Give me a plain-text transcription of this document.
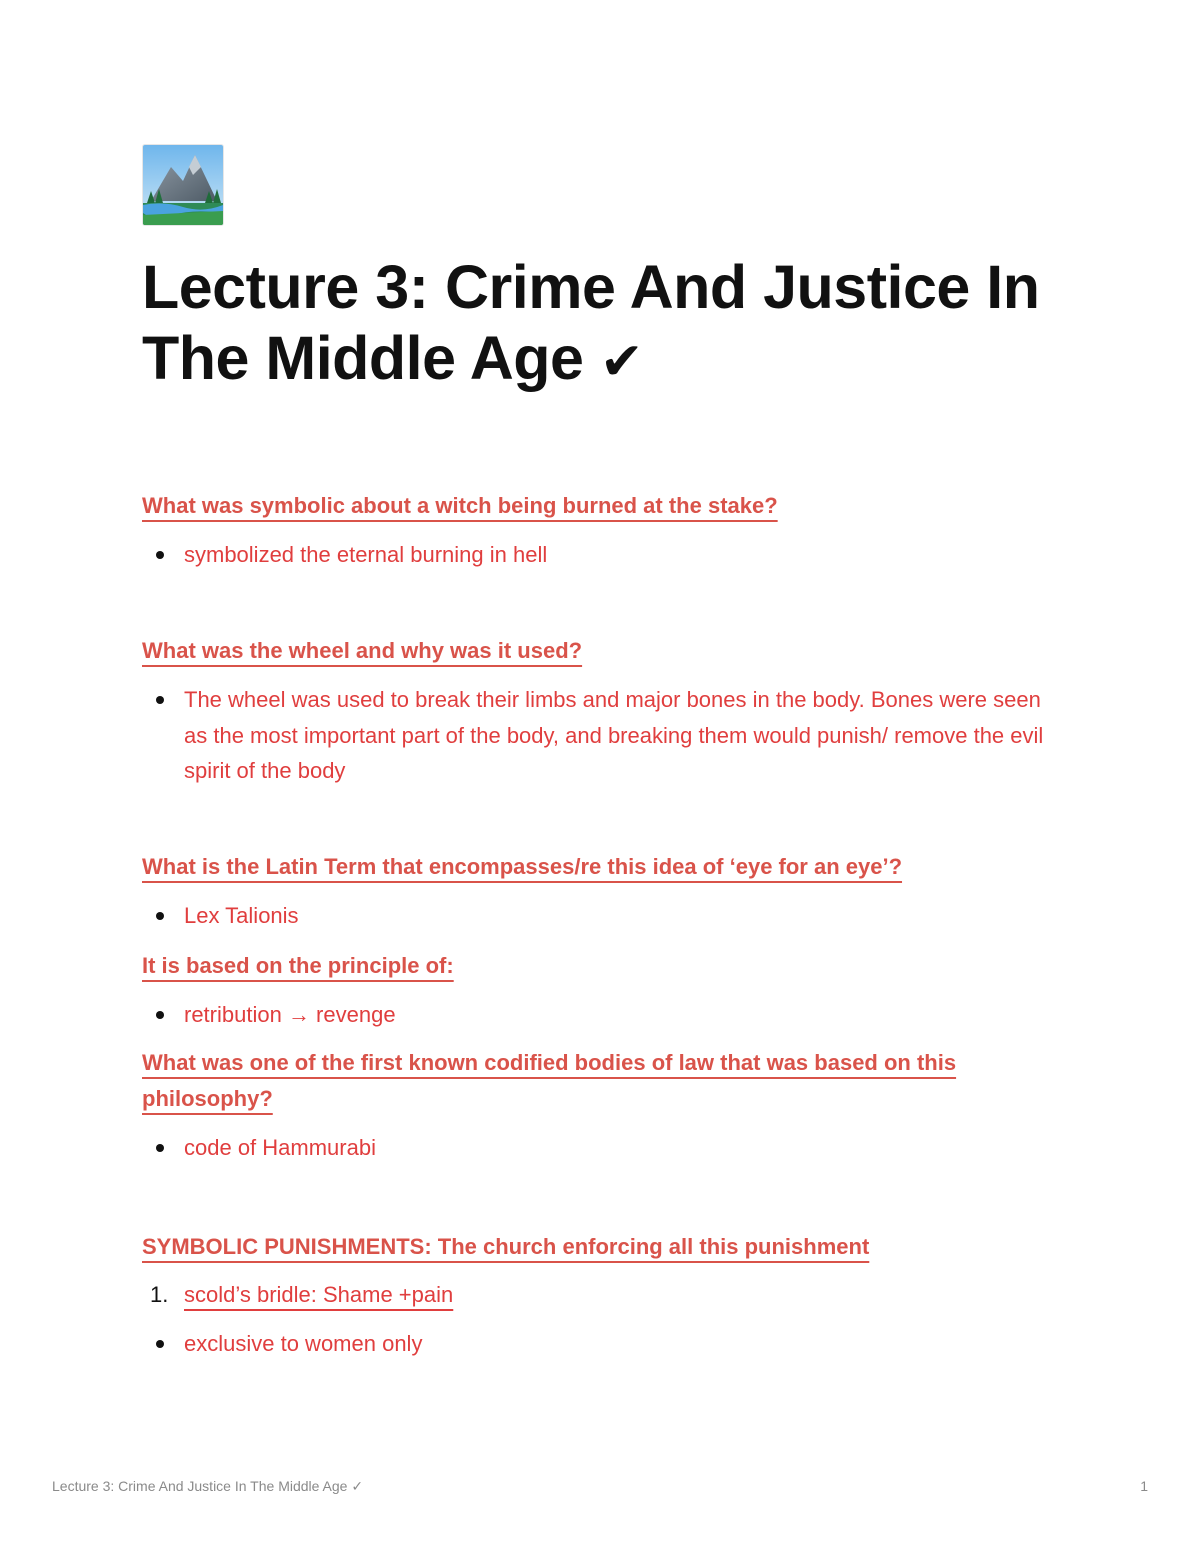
Lecture 3: Crime And Justice In The Middle Age ✔

What was symbolic about a witch being burned at the stake?

symbolized the eternal burning in hell

What was the wheel and why was it used?

The wheel was used to break their limbs and major bones in the body. Bones were seen as the most important part of the body, and breaking them would punish/ remove the evil spirit of the body

What is the Latin Term that encompasses/re this idea of ‘eye for an eye’?

Lex Talionis

It is based on the principle of:

retribution → revenge

What was one of the first known codified bodies of law that was based on this philosophy?

code of Hammurabi

SYMBOLIC PUNISHMENTS: The church enforcing all this punishment

1. scold’s bridle: Shame +pain

exclusive to women only

Lecture 3: Crime And Justice In The Middle Age ✓	1
